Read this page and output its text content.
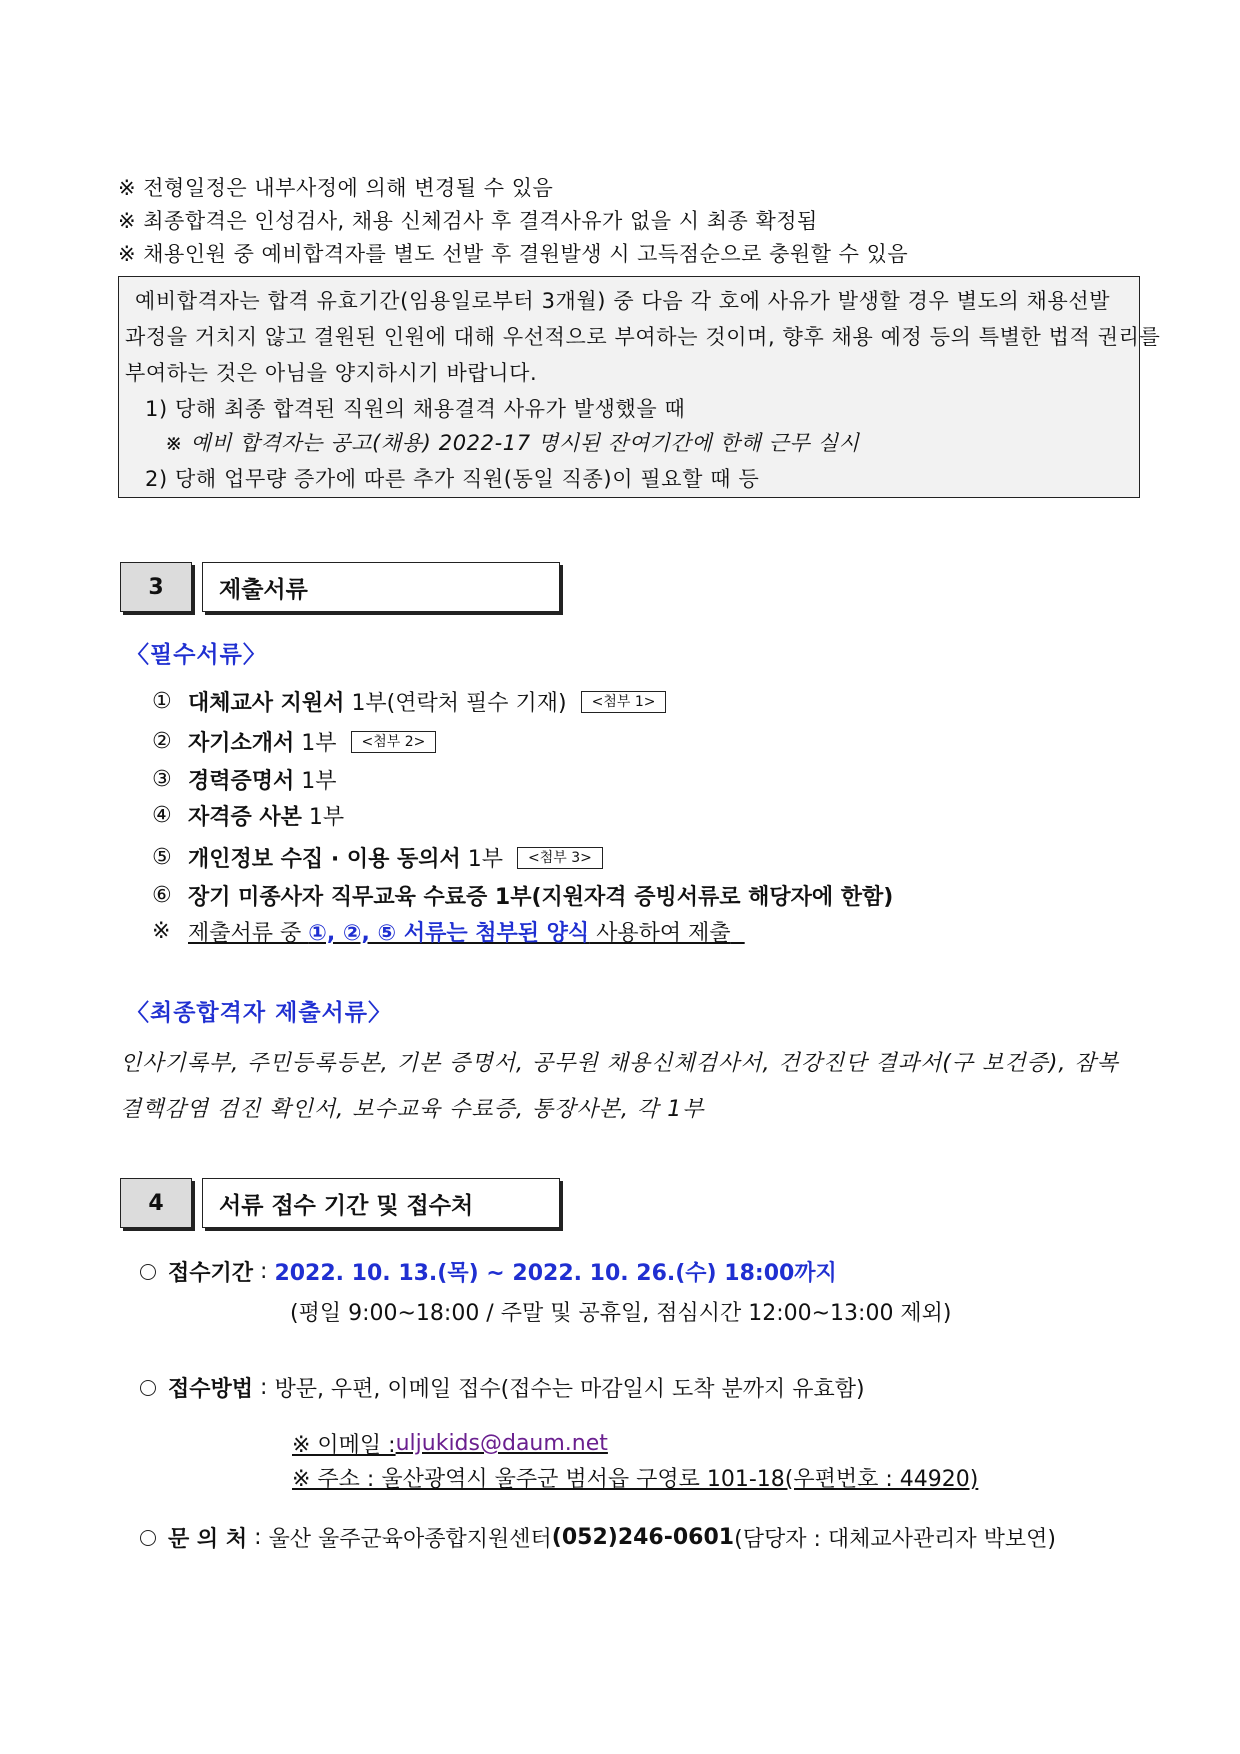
※ 전형일정은 내부사정에 의해 변경될 수 있음
※ 최종합격은 인성검사, 채용 신체검사 후 결격사유가 없을 시 최종 확정됨
※ 채용인원 중 예비합격자를 별도 선발 후 결원발생 시 고득점순으로 충원할 수 있음
예비합격자는 합격 유효기간(임용일로부터 3개월) 중 다음 각 호에 사유가 발생할 경우 별도의 채용선발
과정을 거치지 않고 결원된 인원에 대해 우선적으로 부여하는 것이며, 향후 채용 예정 등의 특별한 법적 권리를
부여하는 것은 아님을 양지하시기 바랍니다.
1) 당해 최종 합격된 직원의 채용결격 사유가 발생했을 때
※ 예비 합격자는 공고(채용) 2022-17 명시된 잔여기간에 한해 근무 실시
2) 당해 업무량 증가에 따른 추가 직원(동일 직종)이 필요할 때 등
3	제출서류
〈필수서류〉
① 대체교사 지원서
1부(연락처 필수 기재)	<첨부 1>
② 자기소개서
1부	<첨부 2>
③ 경력증명서
1부
④ 자격증 사본
1부
⑤ 개인정보 수집 · 이용 동의서
1부	<첨부 3>
⑥ 장기 미종사자 직무교육 수료증 1부(지원자격 증빙서류로 해당자에 한함)
※ 제출서류 중 ①, ②, ⑤ 서류는 첨부된 양식 사용하여 제출
〈최종합격자 제출서류〉
인사기록부, 주민등록등본, 기본 증명서, 공무원 채용신체검사서, 건강진단 결과서(구 보건증), 잠복
결핵감염 검진 확인서, 보수교육 수료증, 통장사본, 각 1부
4	서류 접수 기간 및 접수처
접수기간
:
2022. 10. 13.(목) ~ 2022. 10. 26.(수) 18:00까지
(평일 9:00~18:00 / 주말 및 공휴일, 점심시간 12:00~13:00 제외)
접수방법
:
방문, 우편, 이메일 접수(접수는 마감일시 도착 분까지 유효함)
※ 이메일 : uljukids@daum.net
※ 주소 : 울산광역시 울주군 범서읍 구영로 101-18(우편번호 : 44920)
문 의 처
:
울산 울주군육아종합지원센터 (052)246-0601 (담당자 : 대체교사관리자 박보연)
